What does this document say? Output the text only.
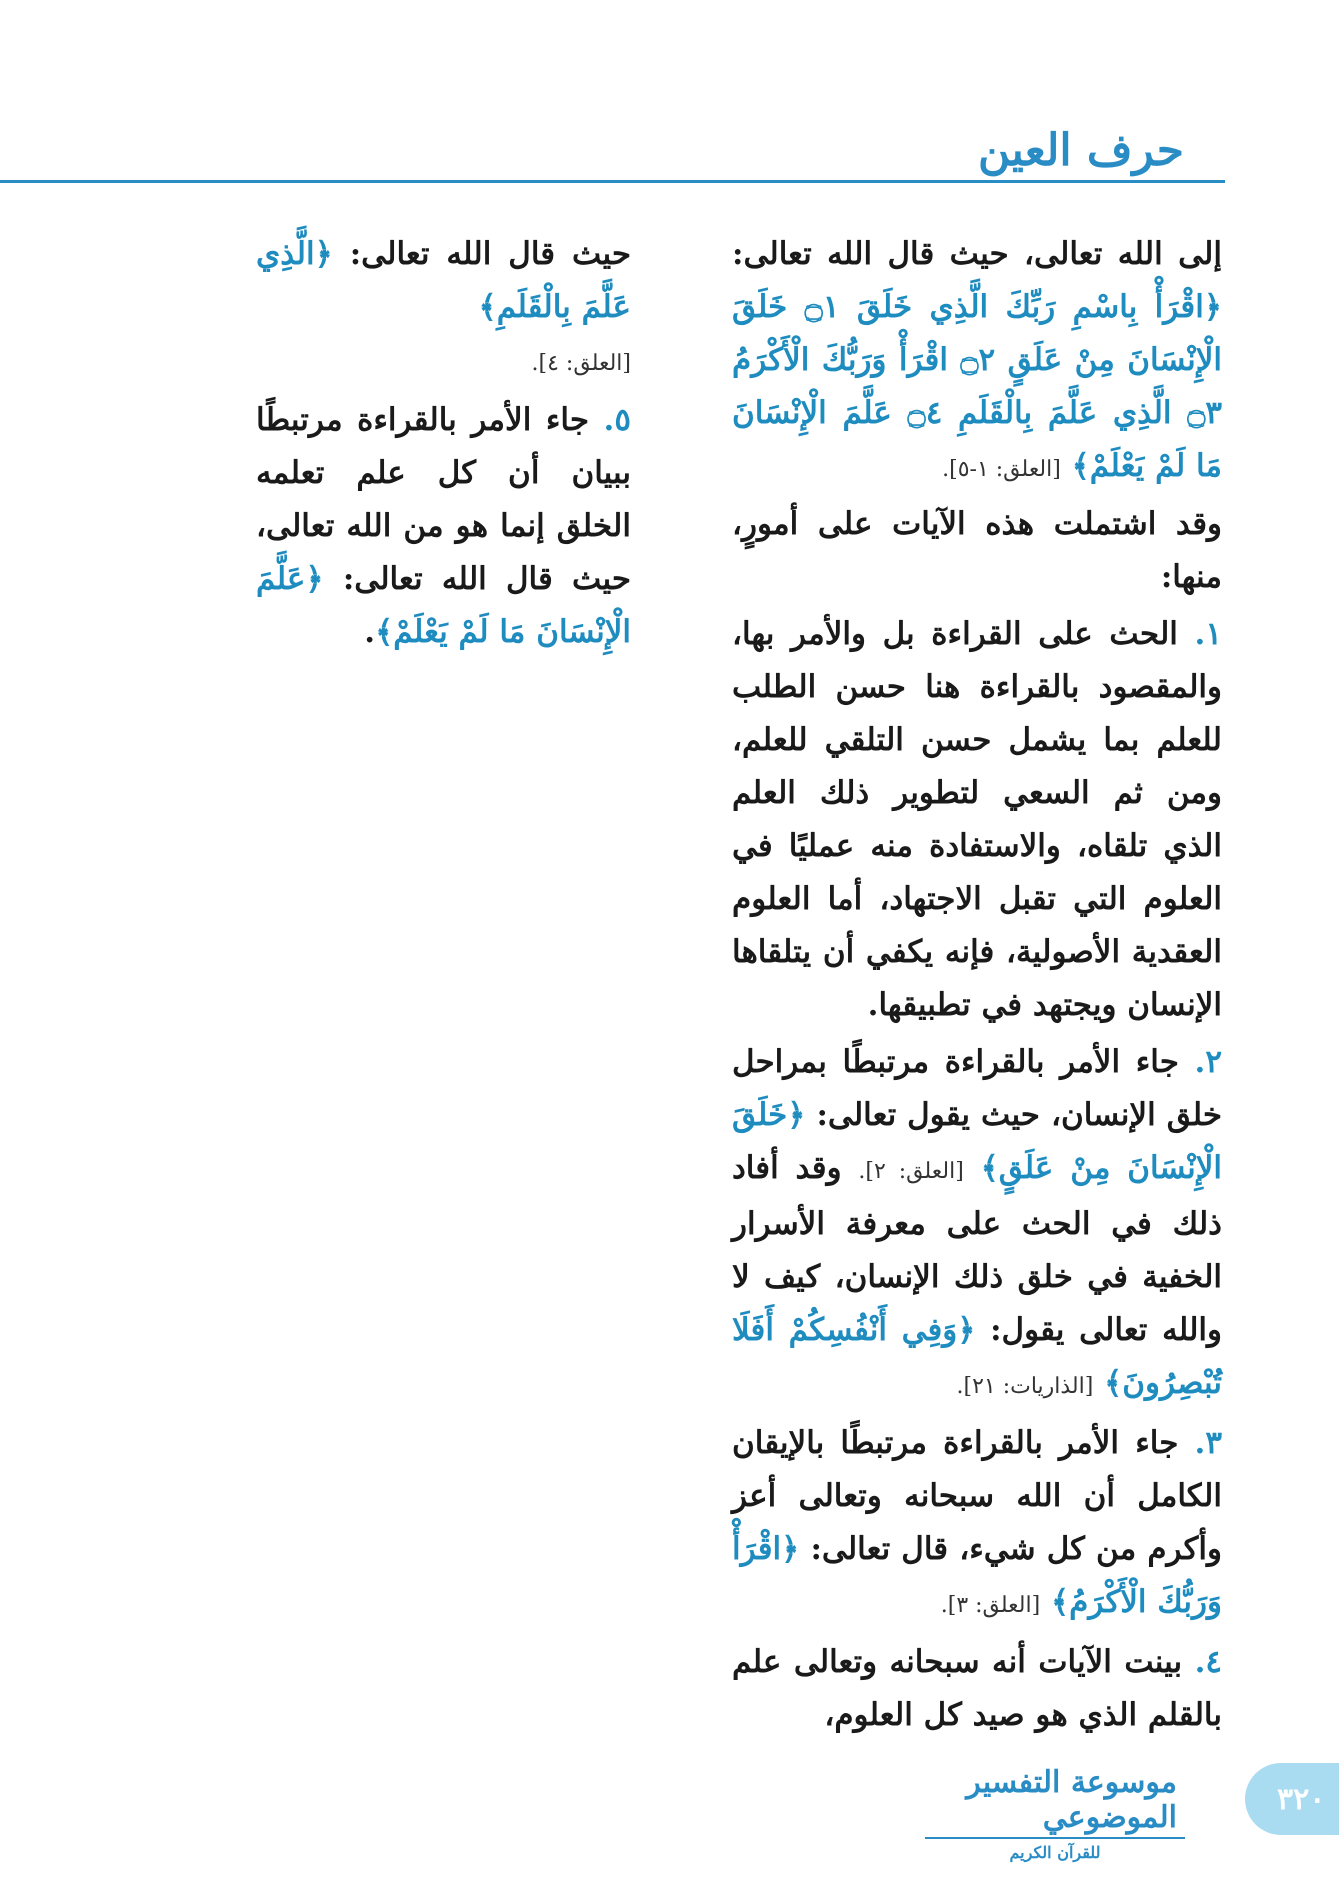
حرف العين

إلى الله تعالى، حيث قال الله تعالى: ﴿اقْرَأْ بِاسْمِ رَبِّكَ الَّذِي خَلَقَ ۝١ خَلَقَ الْإِنْسَانَ مِنْ عَلَقٍ ۝٢ اقْرَأْ وَرَبُّكَ الْأَكْرَمُ ۝٣ الَّذِي عَلَّمَ بِالْقَلَمِ ۝٤ عَلَّمَ الْإِنْسَانَ مَا لَمْ يَعْلَمْ﴾ [العلق: ١-٥].

وقد اشتملت هذه الآيات على أمورٍ، منها:

١. الحث على القراءة بل والأمر بها، والمقصود بالقراءة هنا حسن الطلب للعلم بما يشمل حسن التلقي للعلم، ومن ثم السعي لتطوير ذلك العلم الذي تلقاه، والاستفادة منه عمليًا في العلوم التي تقبل الاجتهاد، أما العلوم العقدية الأصولية، فإنه يكفي أن يتلقاها الإنسان ويجتهد في تطبيقها.

٢. جاء الأمر بالقراءة مرتبطًا بمراحل خلق الإنسان، حيث يقول تعالى: ﴿خَلَقَ الْإِنْسَانَ مِنْ عَلَقٍ﴾ [العلق: ٢]. وقد أفاد ذلك في الحث على معرفة الأسرار الخفية في خلق ذلك الإنسان، كيف لا والله تعالى يقول: ﴿وَفِي أَنْفُسِكُمْ أَفَلَا تُبْصِرُونَ﴾ [الذاريات: ٢١].

٣. جاء الأمر بالقراءة مرتبطًا بالإيقان الكامل أن الله سبحانه وتعالى أعز وأكرم من كل شيء، قال تعالى: ﴿اقْرَأْ وَرَبُّكَ الْأَكْرَمُ﴾ [العلق: ٣].

٤. بينت الآيات أنه سبحانه وتعالى علم بالقلم الذي هو صيد كل العلوم،

حيث قال الله تعالى: ﴿الَّذِي عَلَّمَ بِالْقَلَمِ﴾
[العلق: ٤].

٥. جاء الأمر بالقراءة مرتبطًا ببيان أن كل علم تعلمه الخلق إنما هو من الله تعالى، حيث قال الله تعالى: ﴿عَلَّمَ الْإِنْسَانَ مَا لَمْ يَعْلَمْ﴾.

موسوعة التفسير الموضوعي
للقرآن الكريم
٣٢٠
